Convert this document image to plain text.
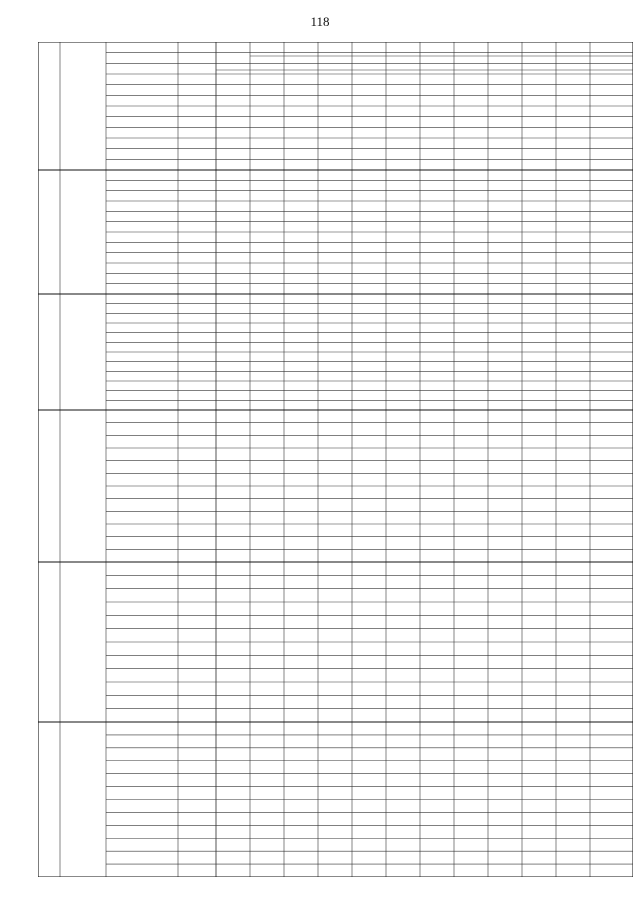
118
